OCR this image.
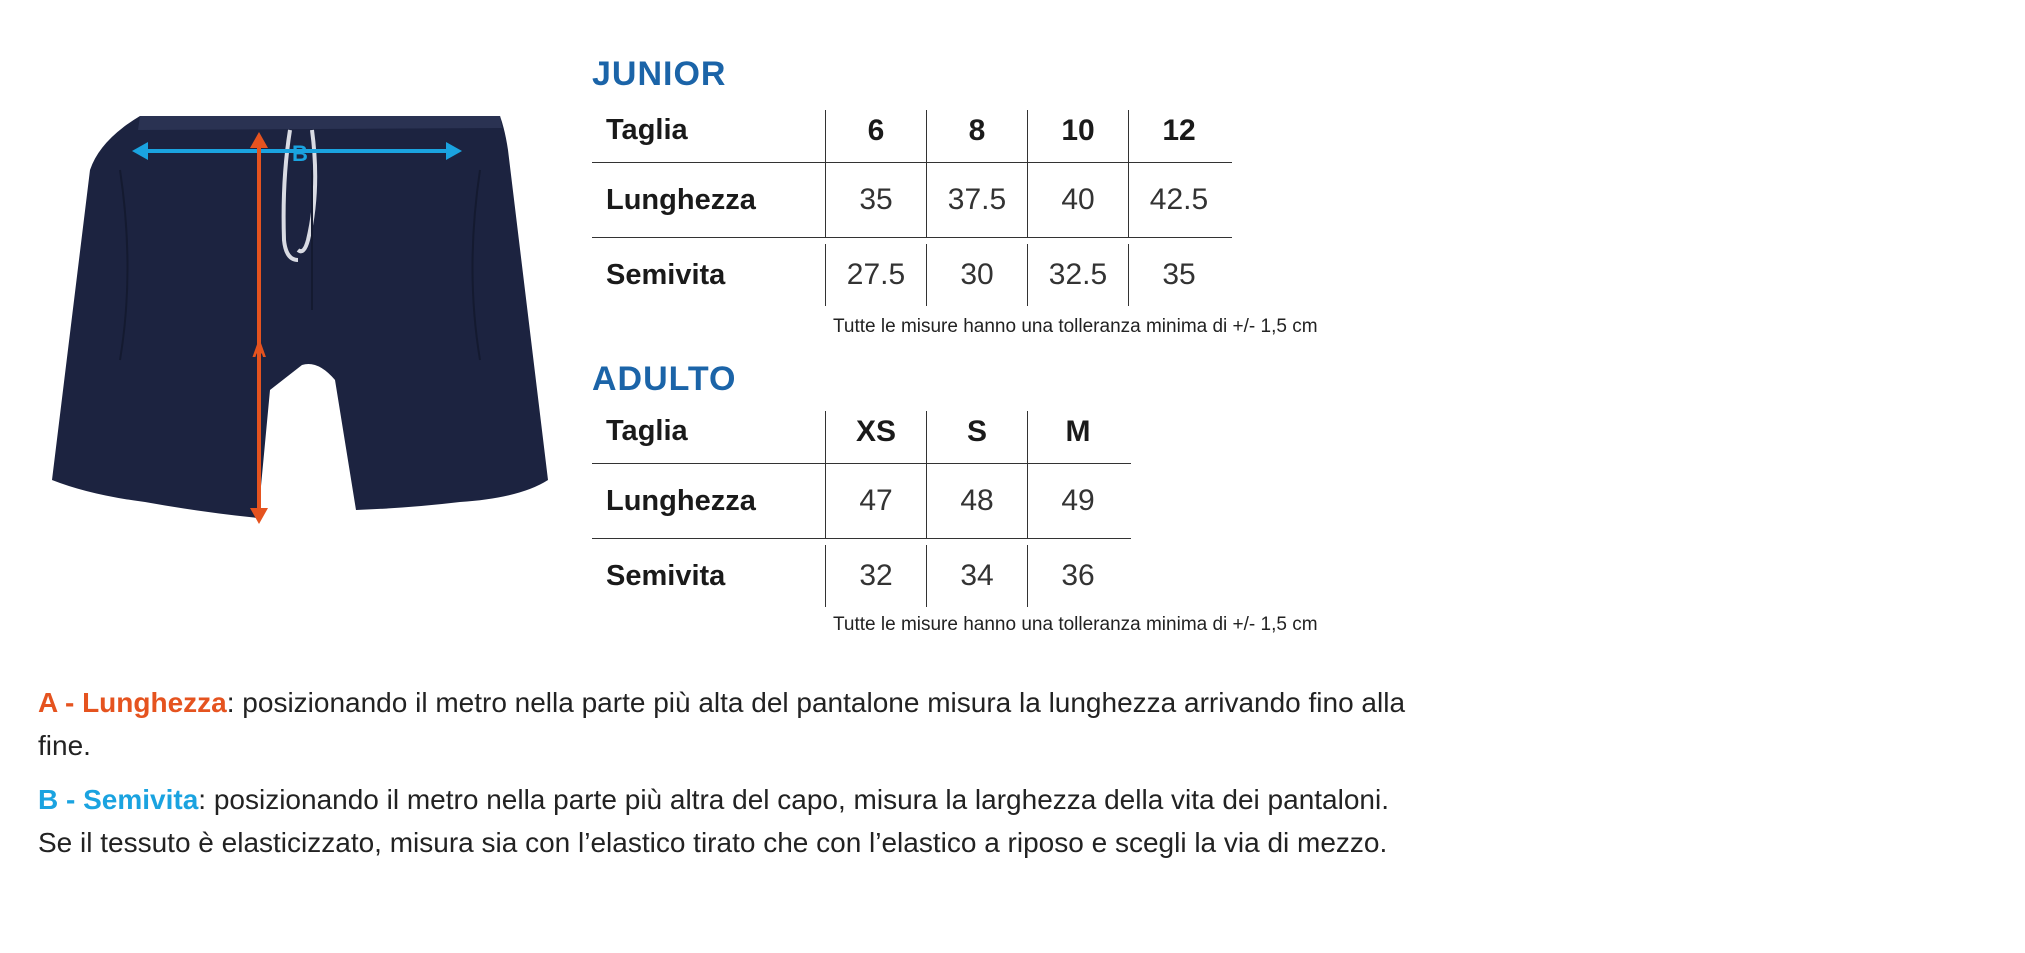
B
A
JUNIOR
Taglia	6	8	10	12
Lunghezza	35	37.5	40	42.5
Semivita	27.5	30	32.5	35
Tutte le misure hanno una tolleranza minima di +/- 1,5 cm
ADULTO
Taglia	XS	S	M
Lunghezza	47	48	49
Semivita	32	34	36
Tutte le misure hanno una tolleranza minima di +/- 1,5 cm
A - Lunghezza: posizionando il metro nella parte più alta del pantalone misura la lunghezza arrivando fino alla fine.
B - Semivita: posizionando il metro nella parte più altra del capo, misura la larghezza della vita dei pantaloni. Se il tessuto è elasticizzato, misura sia con l’elastico tirato che con l’elastico a riposo e scegli la via di mezzo.
